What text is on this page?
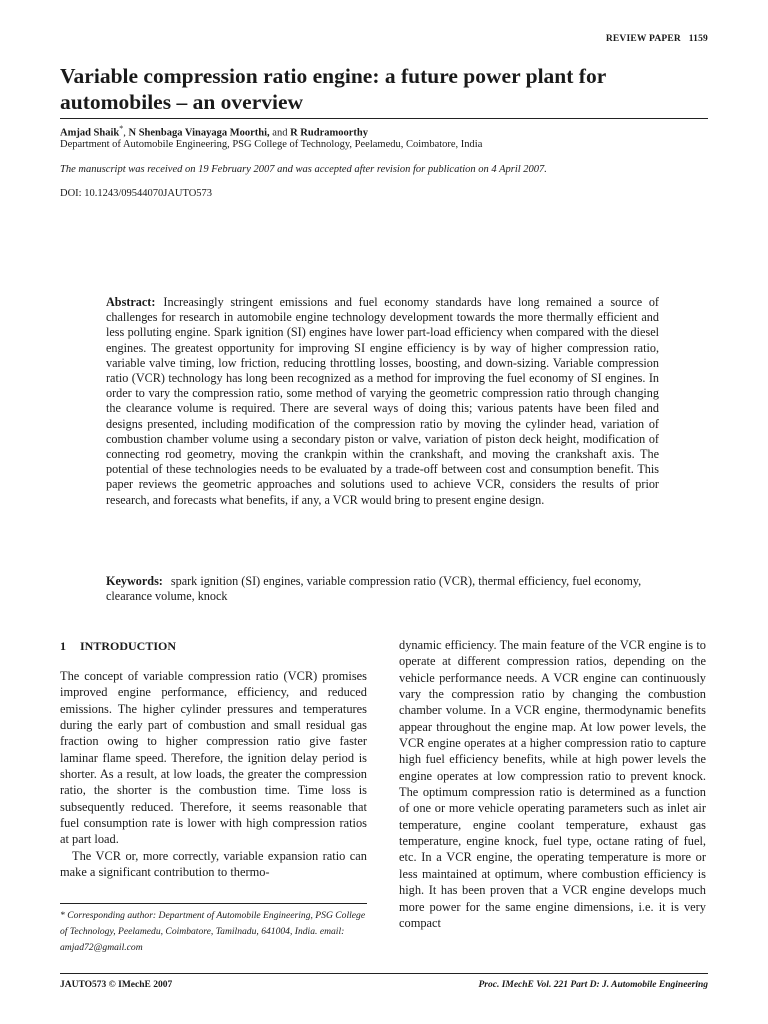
REVIEW PAPER 1159
Variable compression ratio engine: a future power plant for automobiles – an overview
Amjad Shaik*, N Shenbaga Vinayaga Moorthi, and R Rudramoorthy
Department of Automobile Engineering, PSG College of Technology, Peelamedu, Coimbatore, India
The manuscript was received on 19 February 2007 and was accepted after revision for publication on 4 April 2007.
DOI: 10.1243/09544070JAUTO573
Abstract: Increasingly stringent emissions and fuel economy standards have long remained a source of challenges for research in automobile engine technology development towards the more thermally efficient and less polluting engine. Spark ignition (SI) engines have lower part-load efficiency when compared with the diesel engines. The greatest opportunity for improving SI engine efficiency is by way of higher compression ratio, variable valve timing, low friction, reducing throttling losses, boosting, and down-sizing. Variable compression ratio (VCR) technology has long been recognized as a method for improving the fuel economy of SI engines. In order to vary the compression ratio, some method of varying the geometric compression ratio through changing the clearance volume is required. There are several ways of doing this; various patents have been filed and designs presented, including modification of the compression ratio by moving the cylinder head, variation of combustion chamber volume using a secondary piston or valve, variation of piston deck height, modification of connecting rod geometry, moving the crankpin within the crankshaft, and moving the crankshaft axis. The potential of these technologies needs to be evaluated by a trade-off between cost and consumption benefit. This paper reviews the geometric approaches and solutions used to achieve VCR, considers the results of prior research, and forecasts what benefits, if any, a VCR would bring to present engine design.
Keywords: spark ignition (SI) engines, variable compression ratio (VCR), thermal efficiency, fuel economy, clearance volume, knock
1 INTRODUCTION

The concept of variable compression ratio (VCR) promises improved engine performance, efficiency, and reduced emissions. The higher cylinder pressures and temperatures during the early part of combustion and small residual gas fraction owing to higher compression ratio give faster laminar flame speed. Therefore, the ignition delay period is shorter. As a result, at low loads, the greater the compression ratio, the shorter is the combustion time. Time loss is subsequently reduced. Therefore, it seems reasonable that fuel consumption rate is lower with high compression ratios at part load.

The VCR or, more correctly, variable expansion ratio can make a significant contribution to thermo-

dynamic efficiency. The main feature of the VCR engine is to operate at different compression ratios, depending on the vehicle performance needs. A VCR engine can continuously vary the compression ratio by changing the combustion chamber volume. In a VCR engine, thermodynamic benefits appear throughout the engine map. At low power levels, the VCR engine operates at a higher compression ratio to capture high fuel efficiency benefits, while at high power levels the engine operates at low compression ratio to prevent knock. The optimum compression ratio is determined as a function of one or more vehicle operating parameters such as inlet air temperature, engine coolant temperature, exhaust gas temperature, engine knock, fuel type, octane rating of fuel, etc. In a VCR engine, the operating temperature is more or less maintained at optimum, where combustion efficiency is high. It has been proven that a VCR engine develops much more power for the same engine dimensions, i.e. it is very compact

* Corresponding author: Department of Automobile Engineering, PSG College of Technology, Peelamedu, Coimbatore, Tamilnadu, 641004, India. email: amjad72@gmail.com
JAUTO573 © IMechE 2007	Proc. IMechE Vol. 221 Part D: J. Automobile Engineering
